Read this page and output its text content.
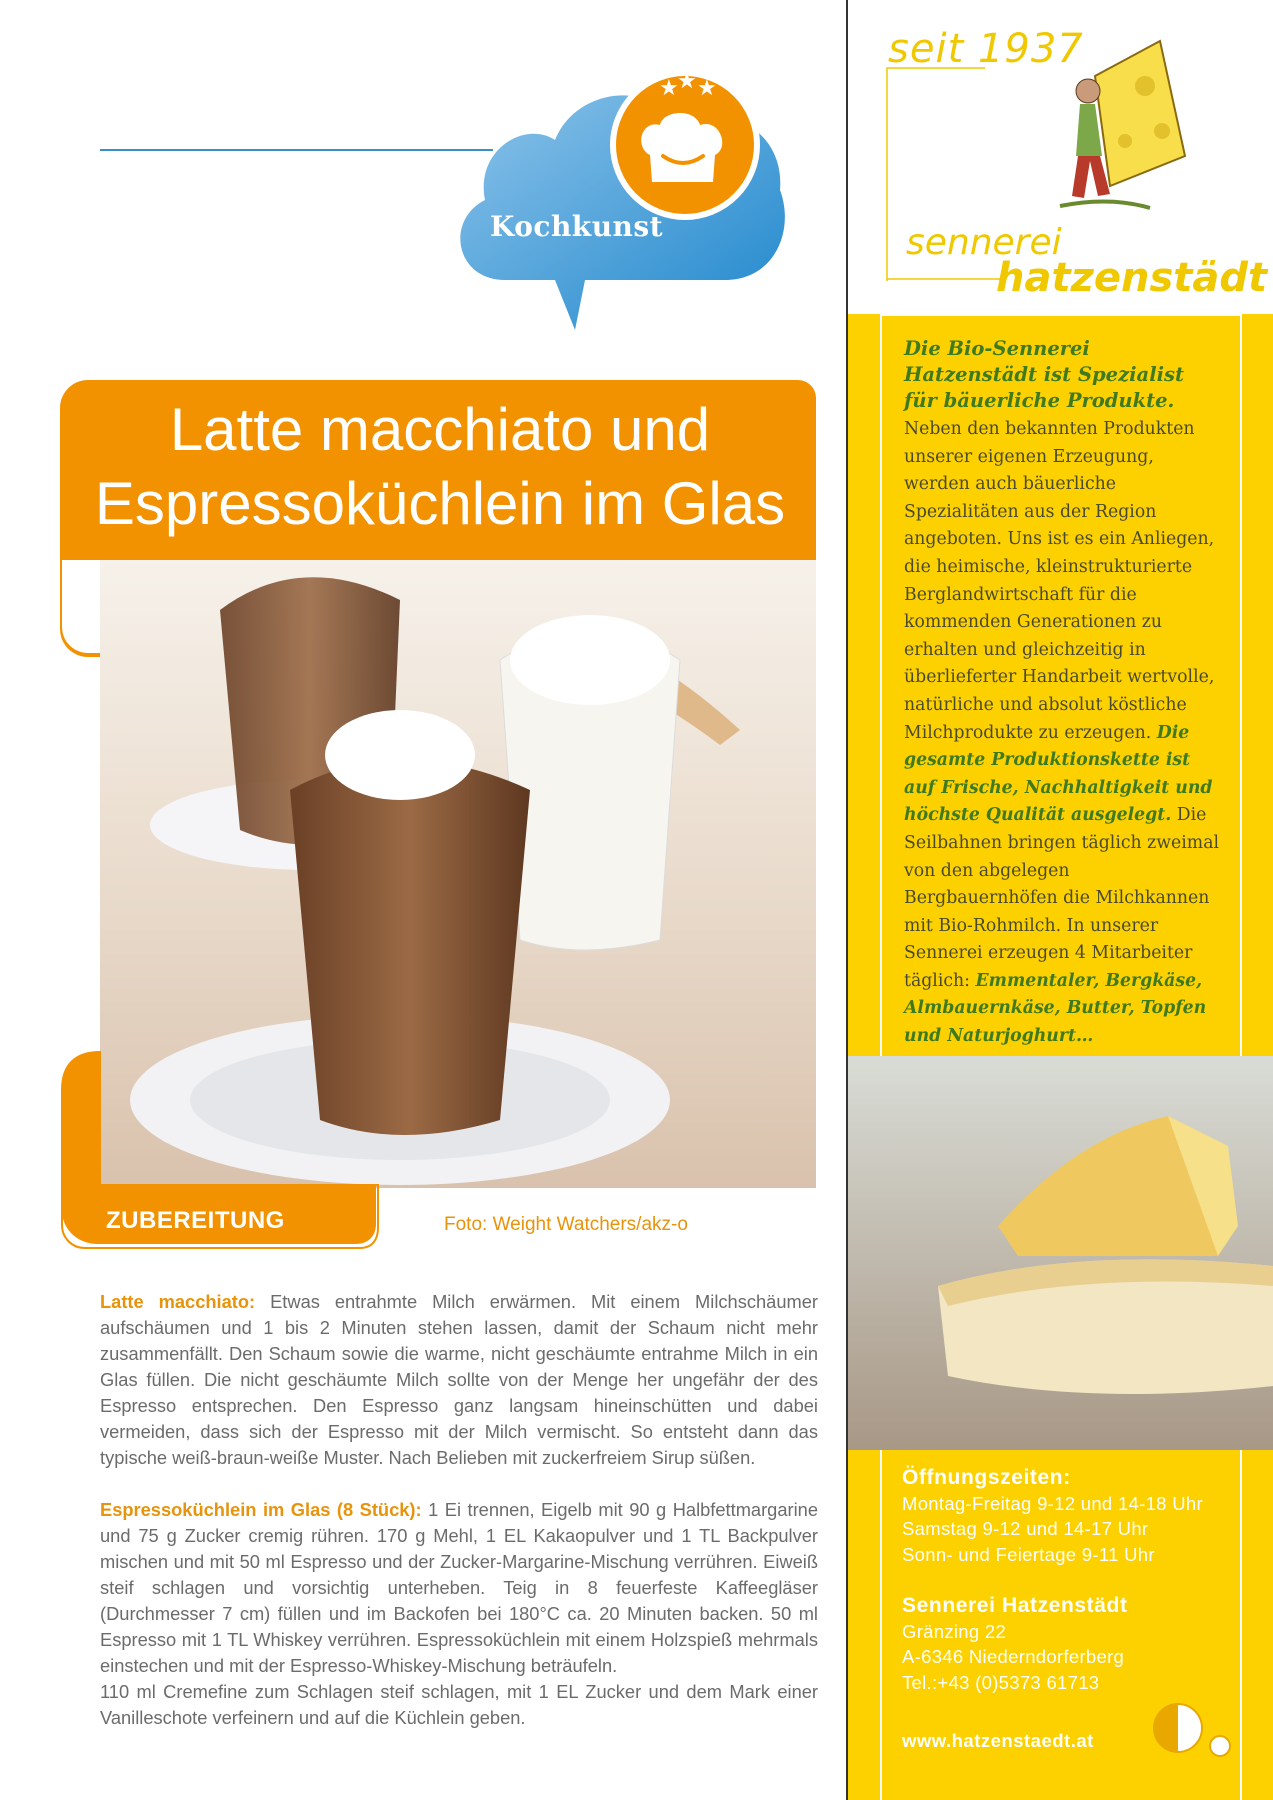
★
★ ★
Kochkunst
Latte macchiato und
Espressoküchlein im Glas
ZUBEREITUNG	Foto: Weight Watchers/akz-o

Latte macchiato: Etwas entrahmte Milch erwärmen. Mit einem Milchschäumer aufschäumen und 1 bis 2 Minuten stehen lassen, damit der Schaum nicht mehr zusammenfällt. Den Schaum sowie die warme, nicht geschäumte entrahme Milch in ein Glas füllen. Die nicht geschäumte Milch sollte von der Menge her ungefähr der des Espresso entsprechen. Den Espresso ganz langsam hineinschütten und dabei vermeiden, dass sich der Espresso mit der Milch vermischt. So entsteht dann das typische weiß-braun-weiße Muster. Nach Belieben mit zuckerfreiem Sirup süßen.

Espressoküchlein im Glas (8 Stück): 1 Ei trennen, Eigelb mit 90 g Halbfettmargarine und 75 g Zucker cremig rühren. 170 g Mehl, 1 EL Kakaopulver und 1 TL Backpulver mischen und mit 50 ml Espresso und der Zucker-Margarine-Mischung verrühren. Eiweiß steif schlagen und vorsichtig unterheben. Teig in 8 feuerfeste Kaffeegläser (Durchmesser 7 cm) füllen und im Backofen bei 180°C ca. 20 Minuten backen. 50 ml Espresso mit 1 TL Whiskey verrühren. Espressoküchlein mit einem Holzspieß mehrmals einstechen und mit der Espresso-Whiskey-Mischung beträufeln.

110 ml Cremefine zum Schlagen steif schlagen, mit 1 EL Zucker und dem Mark einer Vanilleschote verfeinern und auf die Küchlein geben.

seit 1937
sennerei
hatzenstädt
Die Bio-Sennerei Hatzenstädt ist Spezialist für bäuerliche Produkte.
Neben den bekannten Produkten unserer eigenen Erzeugung, werden auch bäuerliche Spezialitäten aus der Region angeboten. Uns ist es ein Anliegen, die heimische, kleinstrukturierte Berglandwirtschaft für die kommenden Generationen zu erhalten und gleichzeitig in überlieferter Handarbeit wertvolle, natürliche und absolut köstliche Milchprodukte zu erzeugen. Die gesamte Produktionskette ist auf Frische, Nachhaltigkeit und höchste Qualität ausgelegt. Die Seilbahnen bringen täglich zweimal von den abgelegen Bergbauernhöfen die Milchkannen mit Bio-Rohmilch. In unserer Sennerei erzeugen 4 Mitarbeiter täglich: Emmentaler, Bergkäse, Almbauernkäse, Butter, Topfen und Naturjoghurt…
Öffnungszeiten:
Montag-Freitag 9-12 und 14-18 Uhr
Samstag 9-12 und 14-17 Uhr
Sonn- und Feiertage 9-11 Uhr
Sennerei Hatzenstädt
Gränzing 22
A-6346 Niederndorferberg
Tel.:+43 (0)5373 61713
www.hatzenstaedt.at
